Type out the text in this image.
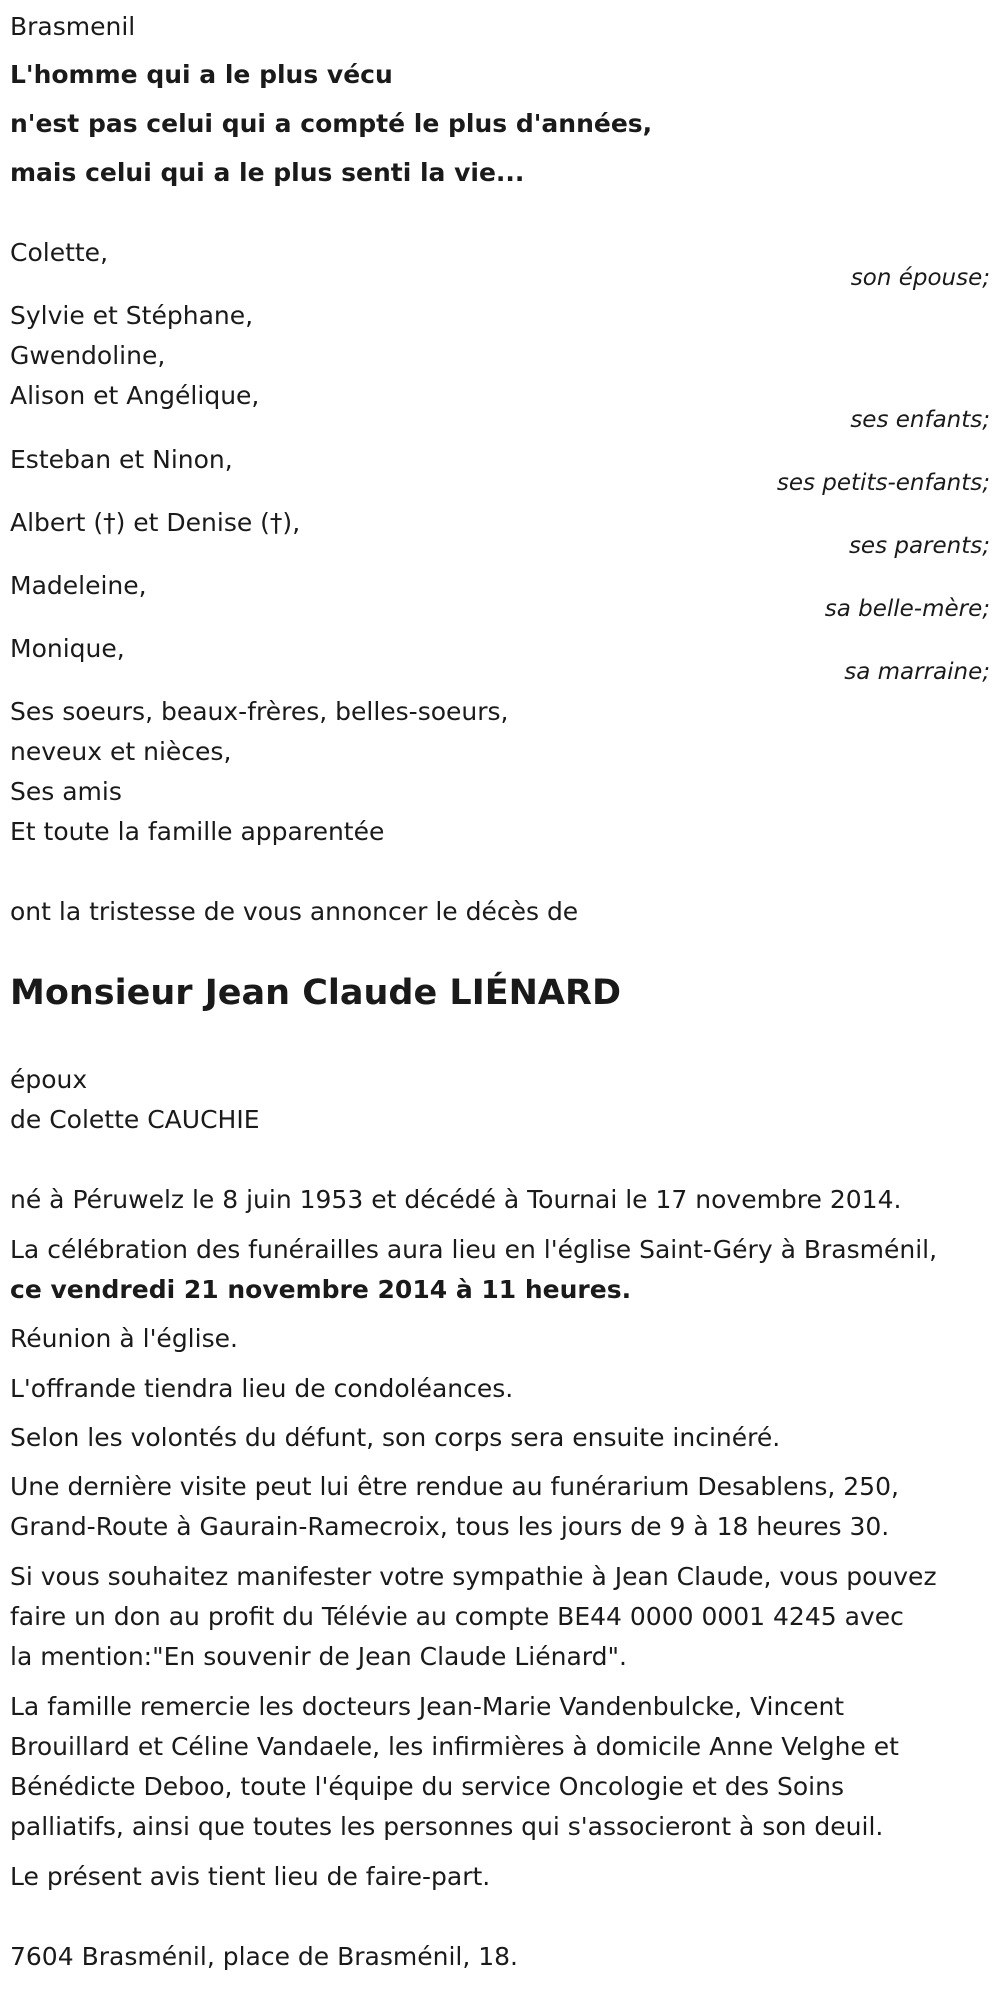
Brasmenil
L'homme qui a le plus vécu
n'est pas celui qui a compté le plus d'années,
mais celui qui a le plus senti la vie...
Colette,
son épouse;
Sylvie et Stéphane,
Gwendoline,
Alison et Angélique,
ses enfants;
Esteban et Ninon,
ses petits-enfants;
Albert (†) et Denise (†),
ses parents;
Madeleine,
sa belle-mère;
Monique,
sa marraine;
Ses soeurs, beaux-frères, belles-soeurs,
neveux et nièces,
Ses amis
Et toute la famille apparentée
ont la tristesse de vous annoncer le décès de
Monsieur Jean Claude LIÉNARD
époux
de Colette CAUCHIE
né à Péruwelz le 8 juin 1953 et décédé à Tournai le 17 novembre 2014.
La célébration des funérailles aura lieu en l'église Saint-Géry à Brasménil,
ce vendredi 21 novembre 2014 à 11 heures.
Réunion à l'église.
L'offrande tiendra lieu de condoléances.
Selon les volontés du défunt, son corps sera ensuite incinéré.
Une dernière visite peut lui être rendue au funérarium Desablens, 250,
Grand-Route à Gaurain-Ramecroix, tous les jours de 9 à 18 heures 30.
Si vous souhaitez manifester votre sympathie à Jean Claude, vous pouvez
faire un don au profit du Télévie au compte BE44 0000 0001 4245 avec
la mention:"En souvenir de Jean Claude Liénard".
La famille remercie les docteurs Jean-Marie Vandenbulcke, Vincent
Brouillard et Céline Vandaele, les infirmières à domicile Anne Velghe et
Bénédicte Deboo, toute l'équipe du service Oncologie et des Soins
palliatifs, ainsi que toutes les personnes qui s'associeront à son deuil.
Le présent avis tient lieu de faire-part.
7604 Brasménil, place de Brasménil, 18.
